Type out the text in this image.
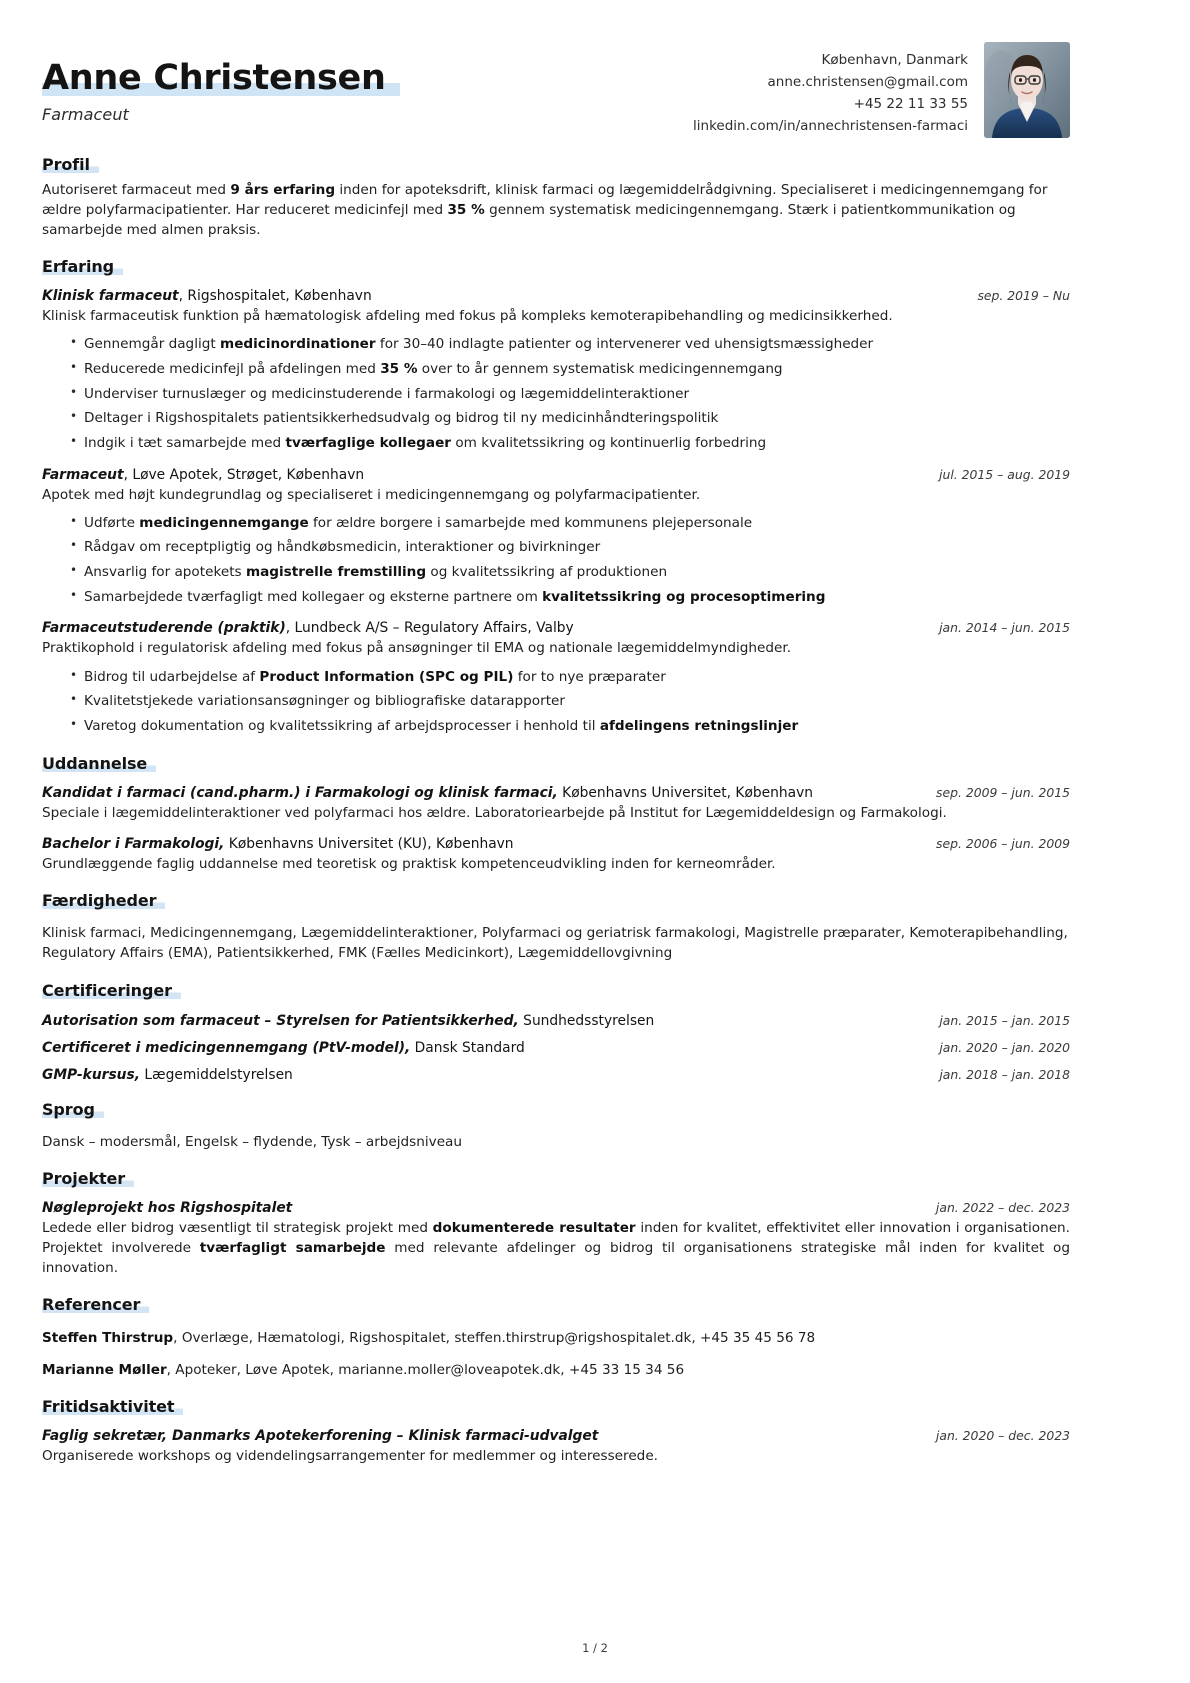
Anne Christensen
Farmaceut
København, Danmark
anne.christensen@gmail.com
+45 22 11 33 55
linkedin.com/in/annechristensen-farmaci
Profil
Autoriseret farmaceut med 9 års erfaring inden for apoteksdrift, klinisk farmaci og lægemiddelrådgivning. Specialiseret i medicingennemgang for ældre polyfarmacipatienter. Har reduceret medicinfejl med 35 % gennem systematisk medicingennemgang. Stærk i patientkommunikation og samarbejde med almen praksis.
Erfaring
Klinisk farmaceut, Rigshospitalet, København	sep. 2019 – Nu
Klinisk farmaceutisk funktion på hæmatologisk afdeling med fokus på kompleks kemoterapibehandling og medicinsikkerhed.
• Gennemgår dagligt medicinordinationer for 30–40 indlagte patienter og intervenerer ved uhensigtsmæssigheder
• Reducerede medicinfejl på afdelingen med 35 % over to år gennem systematisk medicingennemgang
• Underviser turnuslæger og medicinstuderende i farmakologi og lægemiddelinteraktioner
• Deltager i Rigshospitalets patientsikkerhedsudvalg og bidrog til ny medicinhåndteringspolitik
• Indgik i tæt samarbejde med tværfaglige kollegaer om kvalitetssikring og kontinuerlig forbedring
Farmaceut, Løve Apotek, Strøget, København	jul. 2015 – aug. 2019
Apotek med højt kundegrundlag og specialiseret i medicingennemgang og polyfarmacipatienter.
• Udførte medicingennemgange for ældre borgere i samarbejde med kommunens plejepersonale
• Rådgav om receptpligtig og håndkøbsmedicin, interaktioner og bivirkninger
• Ansvarlig for apotekets magistrelle fremstilling og kvalitetssikring af produktionen
• Samarbejdede tværfagligt med kollegaer og eksterne partnere om kvalitetssikring og procesoptimering
Farmaceutstuderende (praktik), Lundbeck A/S – Regulatory Affairs, Valby	jan. 2014 – jun. 2015
Praktikophold i regulatorisk afdeling med fokus på ansøgninger til EMA og nationale lægemiddelmyndigheder.
• Bidrog til udarbejdelse af Product Information (SPC og PIL) for to nye præparater
• Kvalitetstjekede variationsansøgninger og bibliografiske datarapporter
• Varetog dokumentation og kvalitetssikring af arbejdsprocesser i henhold til afdelingens retningslinjer
Uddannelse
Kandidat i farmaci (cand.pharm.) i Farmakologi og klinisk farmaci, Københavns Universitet, København	sep. 2009 – jun. 2015
Speciale i lægemiddelinteraktioner ved polyfarmaci hos ældre. Laboratoriearbejde på Institut for Lægemiddeldesign og Farmakologi.
Bachelor i Farmakologi, Københavns Universitet (KU), København	sep. 2006 – jun. 2009
Grundlæggende faglig uddannelse med teoretisk og praktisk kompetenceudvikling inden for kerneområder.
Færdigheder
Klinisk farmaci, Medicingennemgang, Lægemiddelinteraktioner, Polyfarmaci og geriatrisk farmakologi, Magistrelle præparater, Kemoterapibehandling, Regulatory Affairs (EMA), Patientsikkerhed, FMK (Fælles Medicinkort), Lægemiddellovgivning
Certificeringer
Autorisation som farmaceut – Styrelsen for Patientsikkerhed, Sundhedsstyrelsen	jan. 2015 – jan. 2015
Certificeret i medicingennemgang (PtV-model), Dansk Standard	jan. 2020 – jan. 2020
GMP-kursus, Lægemiddelstyrelsen	jan. 2018 – jan. 2018
Sprog
Dansk – modersmål, Engelsk – flydende, Tysk – arbejdsniveau
Projekter
Nøgleprojekt hos Rigshospitalet	jan. 2022 – dec. 2023
Ledede eller bidrog væsentligt til strategisk projekt med dokumenterede resultater inden for kvalitet, effektivitet eller innovation i organisationen. Projektet involverede tværfagligt samarbejde med relevante afdelinger og bidrog til organisationens strategiske mål inden for kvalitet og innovation.
Referencer
Steffen Thirstrup, Overlæge, Hæmatologi, Rigshospitalet, steffen.thirstrup@rigshospitalet.dk, +45 35 45 56 78
Marianne Møller, Apoteker, Løve Apotek, marianne.moller@loveapotek.dk, +45 33 15 34 56
Fritidsaktivitet
Faglig sekretær, Danmarks Apotekerforening – Klinisk farmaci-udvalget	jan. 2020 – dec. 2023
Organiserede workshops og videndelingsarrangementer for medlemmer og interesserede.
1 / 2
